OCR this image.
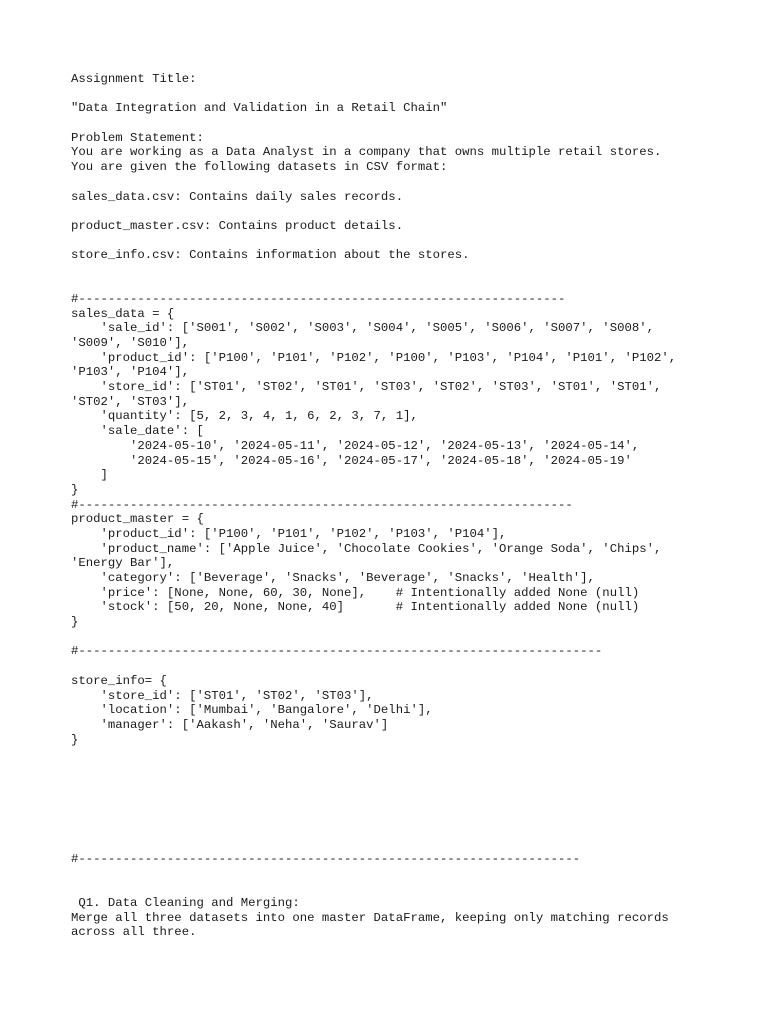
Assignment Title:
"Data Integration and Validation in a Retail Chain"
Problem Statement:
You are working as a Data Analyst in a company that owns multiple retail stores.
You are given the following datasets in CSV format:
sales_data.csv: Contains daily sales records.
product_master.csv: Contains product details.
store_info.csv: Contains information about the stores.
#------------------------------------------------------------------
sales_data = {
'sale_id': ['S001', 'S002', 'S003', 'S004', 'S005', 'S006', 'S007', 'S008',
'S009', 'S010'],
'product_id': ['P100', 'P101', 'P102', 'P100', 'P103', 'P104', 'P101', 'P102',
'P103', 'P104'],
'store_id': ['ST01', 'ST02', 'ST01', 'ST03', 'ST02', 'ST03', 'ST01', 'ST01',
'ST02', 'ST03'],
'quantity': [5, 2, 3, 4, 1, 6, 2, 3, 7, 1],
'sale_date': [
'2024-05-10', '2024-05-11', '2024-05-12', '2024-05-13', '2024-05-14',
'2024-05-15', '2024-05-16', '2024-05-17', '2024-05-18', '2024-05-19'
]
}
#-------------------------------------------------------------------
product_master = {
'product_id': ['P100', 'P101', 'P102', 'P103', 'P104'],
'product_name': ['Apple Juice', 'Chocolate Cookies', 'Orange Soda', 'Chips',
'Energy Bar'],
'category': ['Beverage', 'Snacks', 'Beverage', 'Snacks', 'Health'],
'price': [None, None, 60, 30, None],    # Intentionally added None (null)
'stock': [50, 20, None, None, 40]       # Intentionally added None (null)
}
#-----------------------------------------------------------------------
store_info= {
'store_id': ['ST01', 'ST02', 'ST03'],
'location': ['Mumbai', 'Bangalore', 'Delhi'],
'manager': ['Aakash', 'Neha', 'Saurav']
}
#--------------------------------------------------------------------
Q1. Data Cleaning and Merging:
Merge all three datasets into one master DataFrame, keeping only matching records
across all three.
